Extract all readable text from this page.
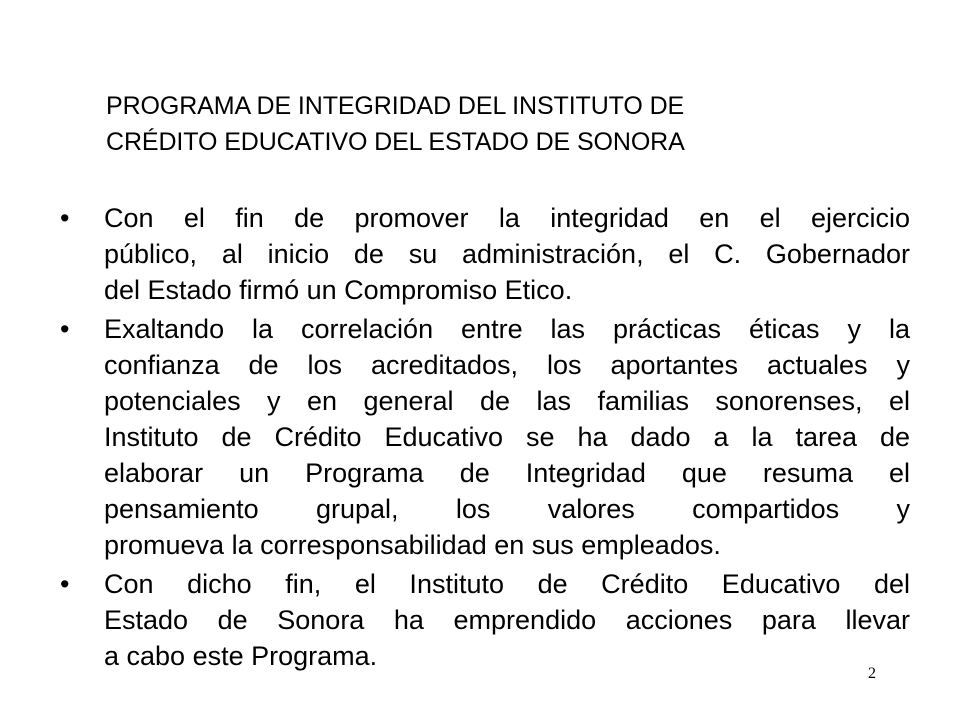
PROGRAMA DE INTEGRIDAD DEL INSTITUTO DE
CRÉDITO EDUCATIVO DEL ESTADO DE SONORA
• Con el fin de promover la integridad en el ejercicio
público, al inicio de su administración, el C. Gobernador
del Estado firmó un Compromiso Etico.
• Exaltando la correlación entre las prácticas éticas y la
confianza de los acreditados, los aportantes actuales y
potenciales y en general de las familias sonorenses, el
Instituto de Crédito Educativo se ha dado a la tarea de
elaborar un Programa de Integridad que resuma el
pensamiento grupal, los valores compartidos y
promueva la corresponsabilidad en sus empleados.
• Con dicho fin, el Instituto de Crédito Educativo del
Estado de Sonora ha emprendido acciones para llevar
a cabo este Programa.
2
